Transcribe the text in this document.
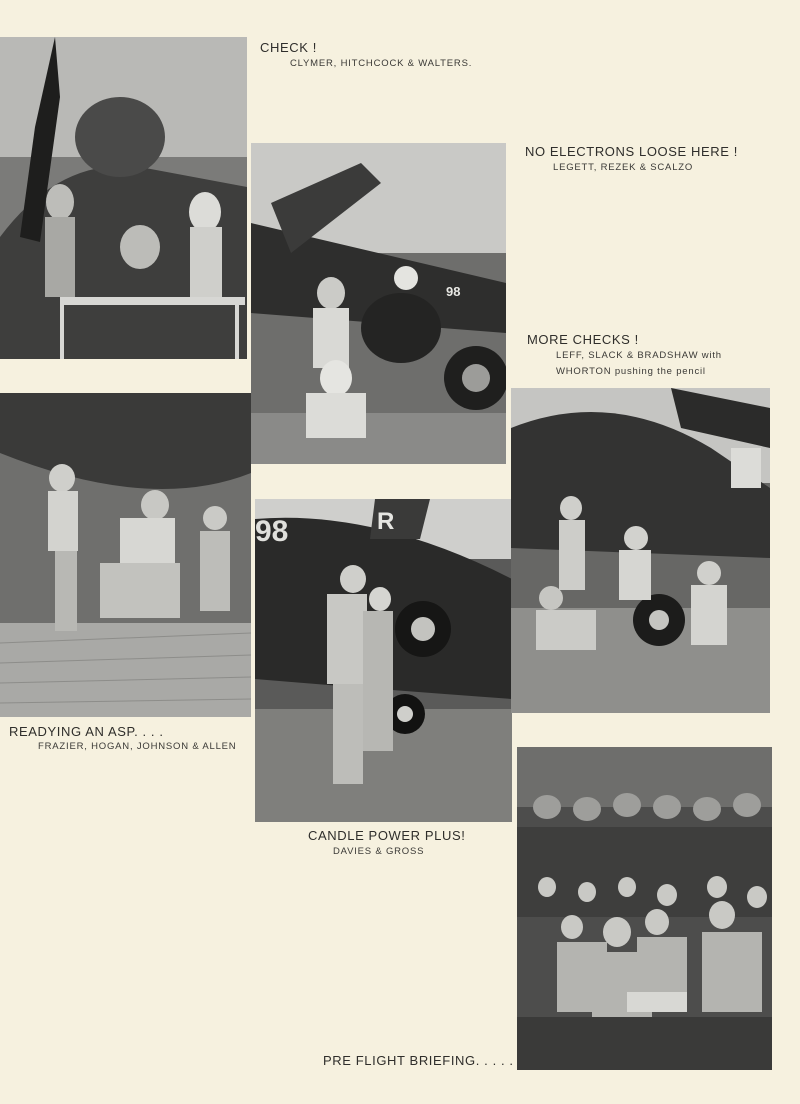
CHECK !
CLYMER, HITCHCOCK & WALTERS.
98
NO ELECTRONS LOOSE HERE !
LEGETT, REZEK & SCALZO
MORE CHECKS !
LEFF, SLACK & BRADSHAW with
WHORTON pushing the pencil
READYING AN ASP. . . .
FRAZIER, HOGAN, JOHNSON & ALLEN
98	R
CANDLE POWER PLUS!
DAVIES & GROSS
PRE FLIGHT BRIEFING. . . . .
